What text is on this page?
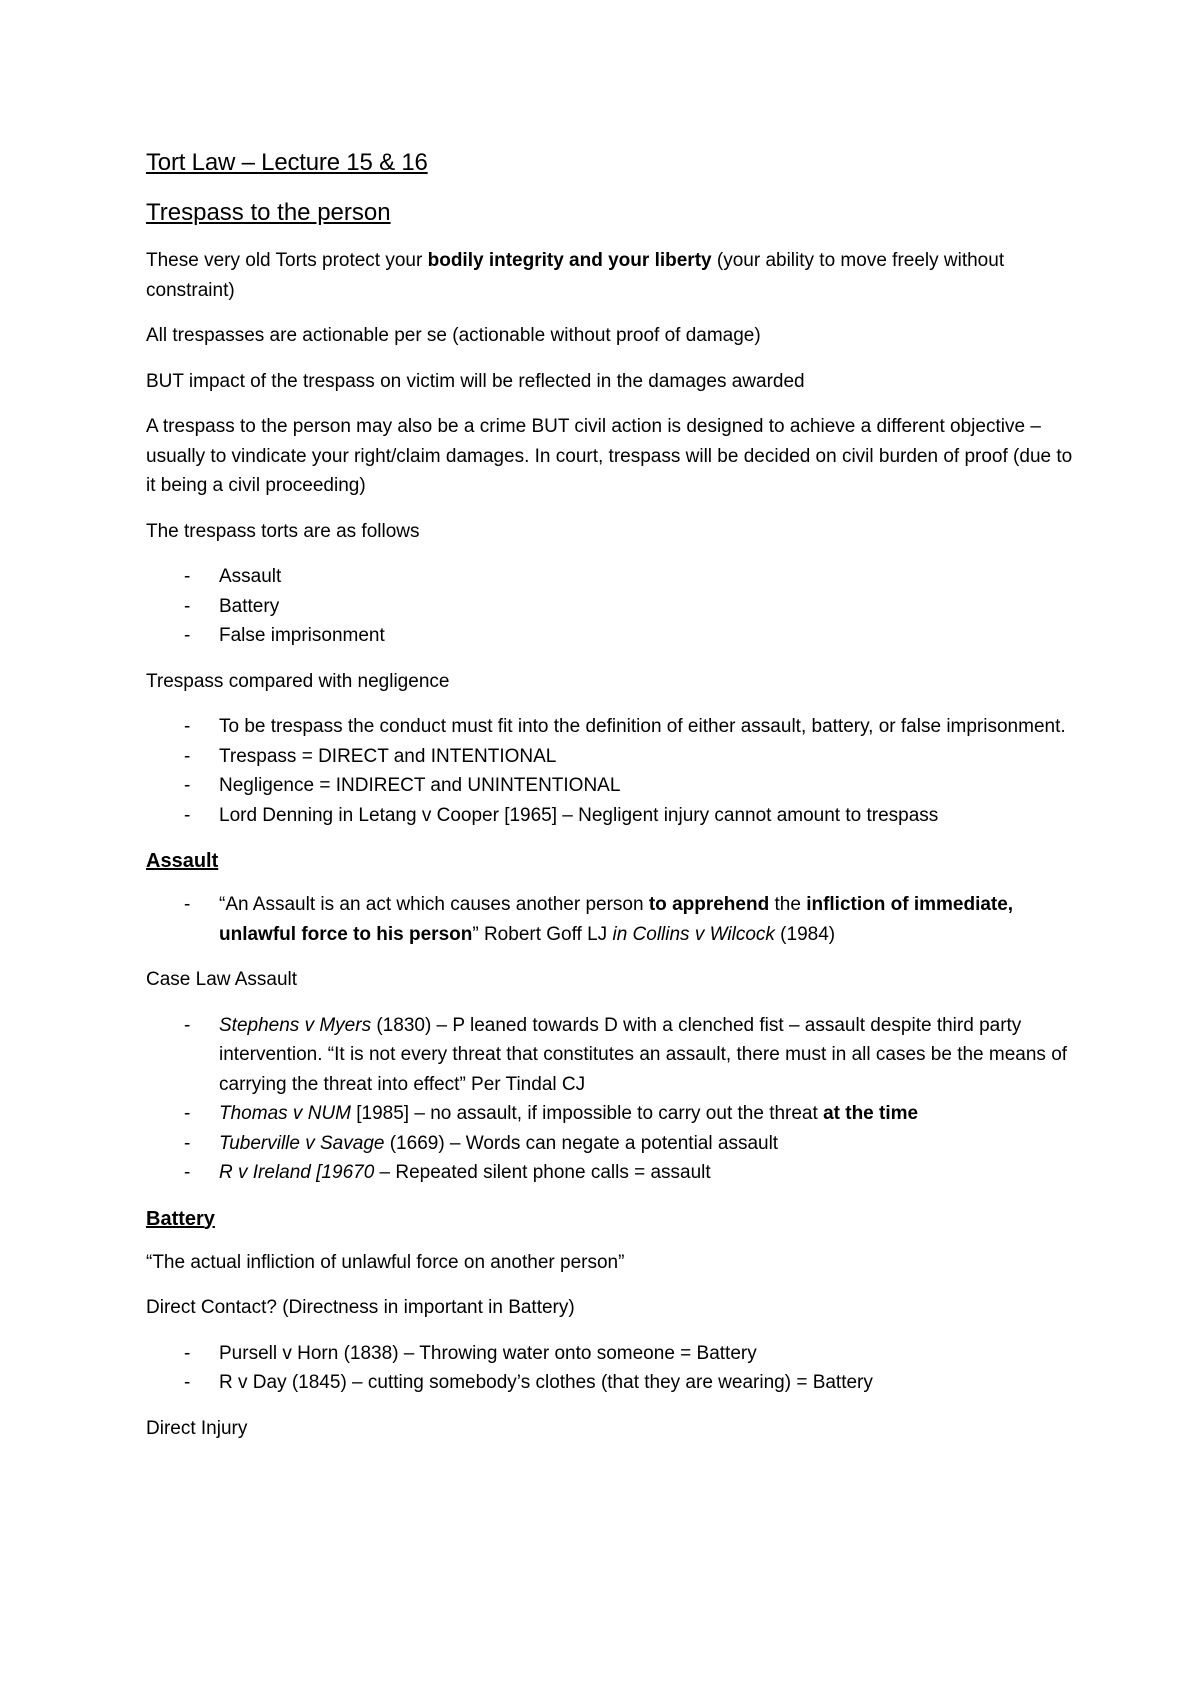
Tort Law – Lecture 15 & 16
Trespass to the person

These very old Torts protect your bodily integrity and your liberty (your ability to move freely without constraint)

All trespasses are actionable per se (actionable without proof of damage)

BUT impact of the trespass on victim will be reflected in the damages awarded

A trespass to the person may also be a crime BUT civil action is designed to achieve a different objective – usually to vindicate your right/claim damages. In court, trespass will be decided on civil burden of proof (due to it being a civil proceeding)

The trespass torts are as follows

- Assault
- Battery
- False imprisonment

Trespass compared with negligence

- To be trespass the conduct must fit into the definition of either assault, battery, or false imprisonment.
- Trespass = DIRECT and INTENTIONAL
- Negligence = INDIRECT and UNINTENTIONAL
- Lord Denning in Letang v Cooper [1965] – Negligent injury cannot amount to trespass
Assault
- “An Assault is an act which causes another person to apprehend the infliction of immediate, unlawful force to his person” Robert Goff LJ in Collins v Wilcock (1984)

Case Law Assault

- Stephens v Myers (1830) – P leaned towards D with a clenched fist – assault despite third party intervention. “It is not every threat that constitutes an assault, there must in all cases be the means of carrying the threat into effect” Per Tindal CJ
- Thomas v NUM [1985] – no assault, if impossible to carry out the threat at the time
- Tuberville v Savage (1669) – Words can negate a potential assault
- R v Ireland [19670 – Repeated silent phone calls = assault
Battery

“The actual infliction of unlawful force on another person”

Direct Contact? (Directness in important in Battery)

- Pursell v Horn (1838) – Throwing water onto someone = Battery
- R v Day (1845) – cutting somebody’s clothes (that they are wearing) = Battery

Direct Injury
